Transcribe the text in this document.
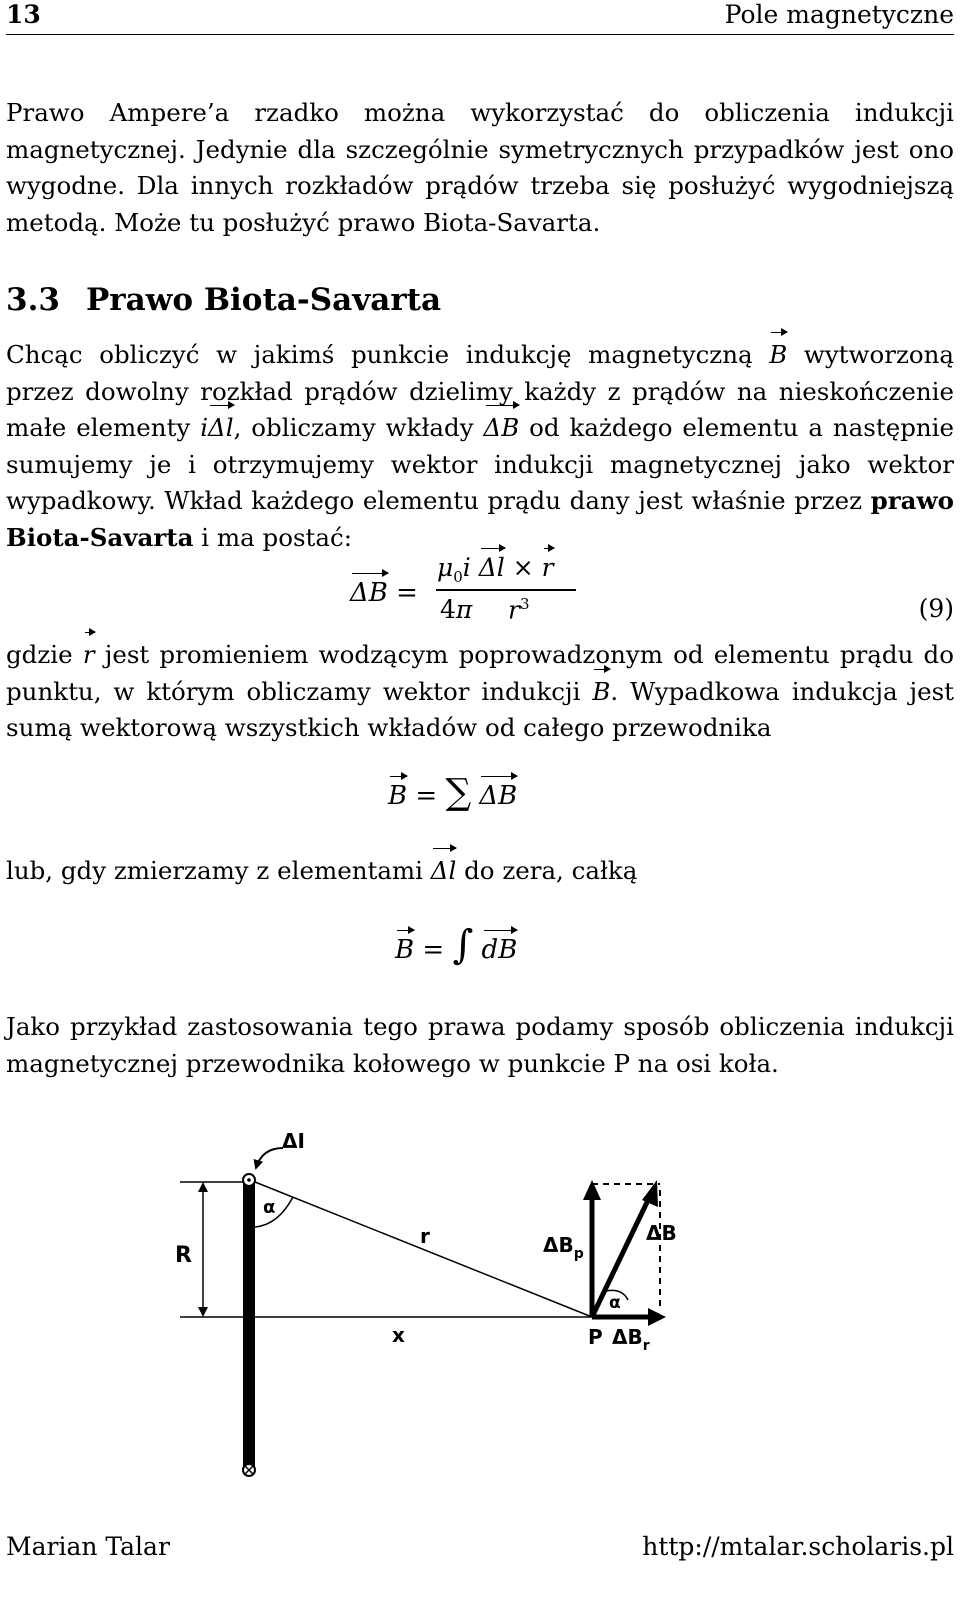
13	Pole magnetyczne
Prawo Ampere’a rzadko można wykorzystać do obliczenia indukcji magnetycznej. Jedynie dla szczególnie symetrycznych przypadków jest ono wygodne. Dla innych rozkładów prądów trzeba się posłużyć wygodniejszą metodą. Może tu posłużyć prawo Biota-Savarta.
3.3 Prawo Biota-Savarta
Chcąc obliczyć w jakimś punkcie indukcję magnetyczną B wytworzoną przez dowolny rozkład prądów dzielimy każdy z prądów na nieskończenie małe elementy iΔl, obliczamy wkłady ΔB od każdego elementu a następnie sumujemy je i otrzymujemy wektor indukcji magnetycznej jako wektor wypadkowy. Wkład każdego elementu prądu dany jest właśnie przez prawo Biota-Savarta i ma postać:
ΔB =
$\mu_0i$ Δl × r
4π $r^3$	(9)
gdzie r jest promieniem wodzącym poprowadzonym od elementu prądu do punktu, w którym obliczamy wektor indukcji B. Wypadkowa indukcja jest sumą wektorową wszystkich wkładów od całego przewodnika
B = ∑ ΔB
lub, gdy zmierzamy z elementami Δl do zera, całką
B = ∫ dB
Jako przykład zastosowania tego prawa podamy sposób obliczenia indukcji magnetycznej przewodnika kołowego w punkcie P na osi koła.
ΔI
R
x
r
α
α
$\Delta B_p$
ΔB
P $\Delta B_r$
Marian Talar	http://mtalar.scholaris.pl
